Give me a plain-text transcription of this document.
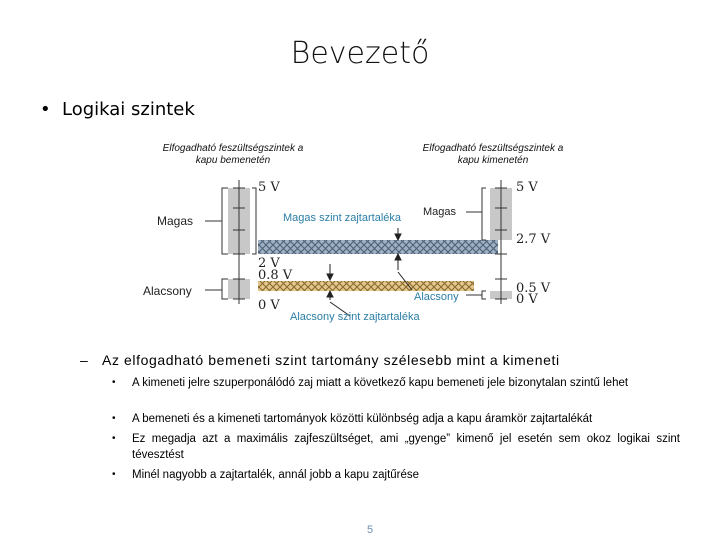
Bevezető
• Logikai szintek
Elfogadható feszültségszintek a
kapu bemenetén
Elfogadható feszültségszintek a
kapu kimenetén
Magas
Alacsony
Magas szint zajtartaléka Magas
Alacsony
Alacsony szint zajtartaléka
5 V
2 V
0.8 V
0 V
5 V
2.7 V
0.5 V
0 V
– Az elfogadható bemeneti szint tartomány szélesebb mint a kimeneti
• A kimeneti jelre szuperponálódó zaj miatt a következő kapu bemeneti jele bizonytalan szintű lehet
• A bemeneti és a kimeneti tartományok közötti különbség adja a kapu áramkör zajtartalékát
• Ez megadja azt a maximális zajfeszültséget, ami „gyenge” kimenő jel esetén sem okoz logikai szint tévesztést
• Minél nagyobb a zajtartalék, annál jobb a kapu zajtűrése
5
